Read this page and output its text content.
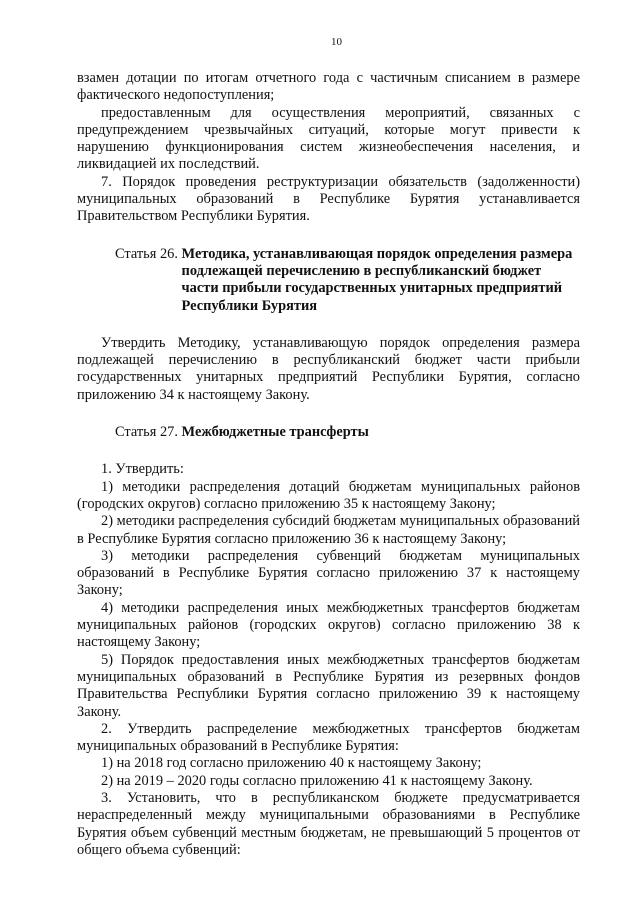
10

взамен дотации по итогам отчетного года с частичным списанием в размере фактического недопоступления;

предоставленным для осуществления мероприятий, связанных с предупреждением чрезвычайных ситуаций, которые могут привести к нарушению функционирования систем жизнеобеспечения населения, и ликвидацией их последствий.

7. Порядок проведения реструктуризации обязательств (задолженности) муниципальных образований в Республике Бурятия устанавливается Правительством Республики Бурятия.

Статья 26. Методика, устанавливающая порядок определения размера подлежащей перечислению в республиканский бюджет части прибыли государственных унитарных предприятий Республики Бурятия

Утвердить Методику, устанавливающую порядок определения размера подлежащей перечислению в республиканский бюджет части прибыли государственных унитарных предприятий Республики Бурятия, согласно приложению 34 к настоящему Закону.

Статья 27. Межбюджетные трансферты

1. Утвердить:

1) методики распределения дотаций бюджетам муниципальных районов (городских округов) согласно приложению 35 к настоящему Закону;

2) методики распределения субсидий бюджетам муниципальных образований в Республике Бурятия согласно приложению 36 к настоящему Закону;

3) методики распределения субвенций бюджетам муниципальных образований в Республике Бурятия согласно приложению 37 к настоящему Закону;

4) методики распределения иных межбюджетных трансфертов бюджетам муниципальных районов (городских округов) согласно приложению 38 к настоящему Закону;

5) Порядок предоставления иных межбюджетных трансфертов бюджетам муниципальных образований в Республике Бурятия из резервных фондов Правительства Республики Бурятия согласно приложению 39 к настоящему Закону.

2. Утвердить распределение межбюджетных трансфертов бюджетам муниципальных образований в Республике Бурятия:

1) на 2018 год согласно приложению 40 к настоящему Закону;

2) на 2019 – 2020 годы согласно приложению 41 к настоящему Закону.

3. Установить, что в республиканском бюджете предусматривается нераспределенный между муниципальными образованиями в Республике Бурятия объем субвенций местным бюджетам, не превышающий 5 процентов от общего объема субвенций:
